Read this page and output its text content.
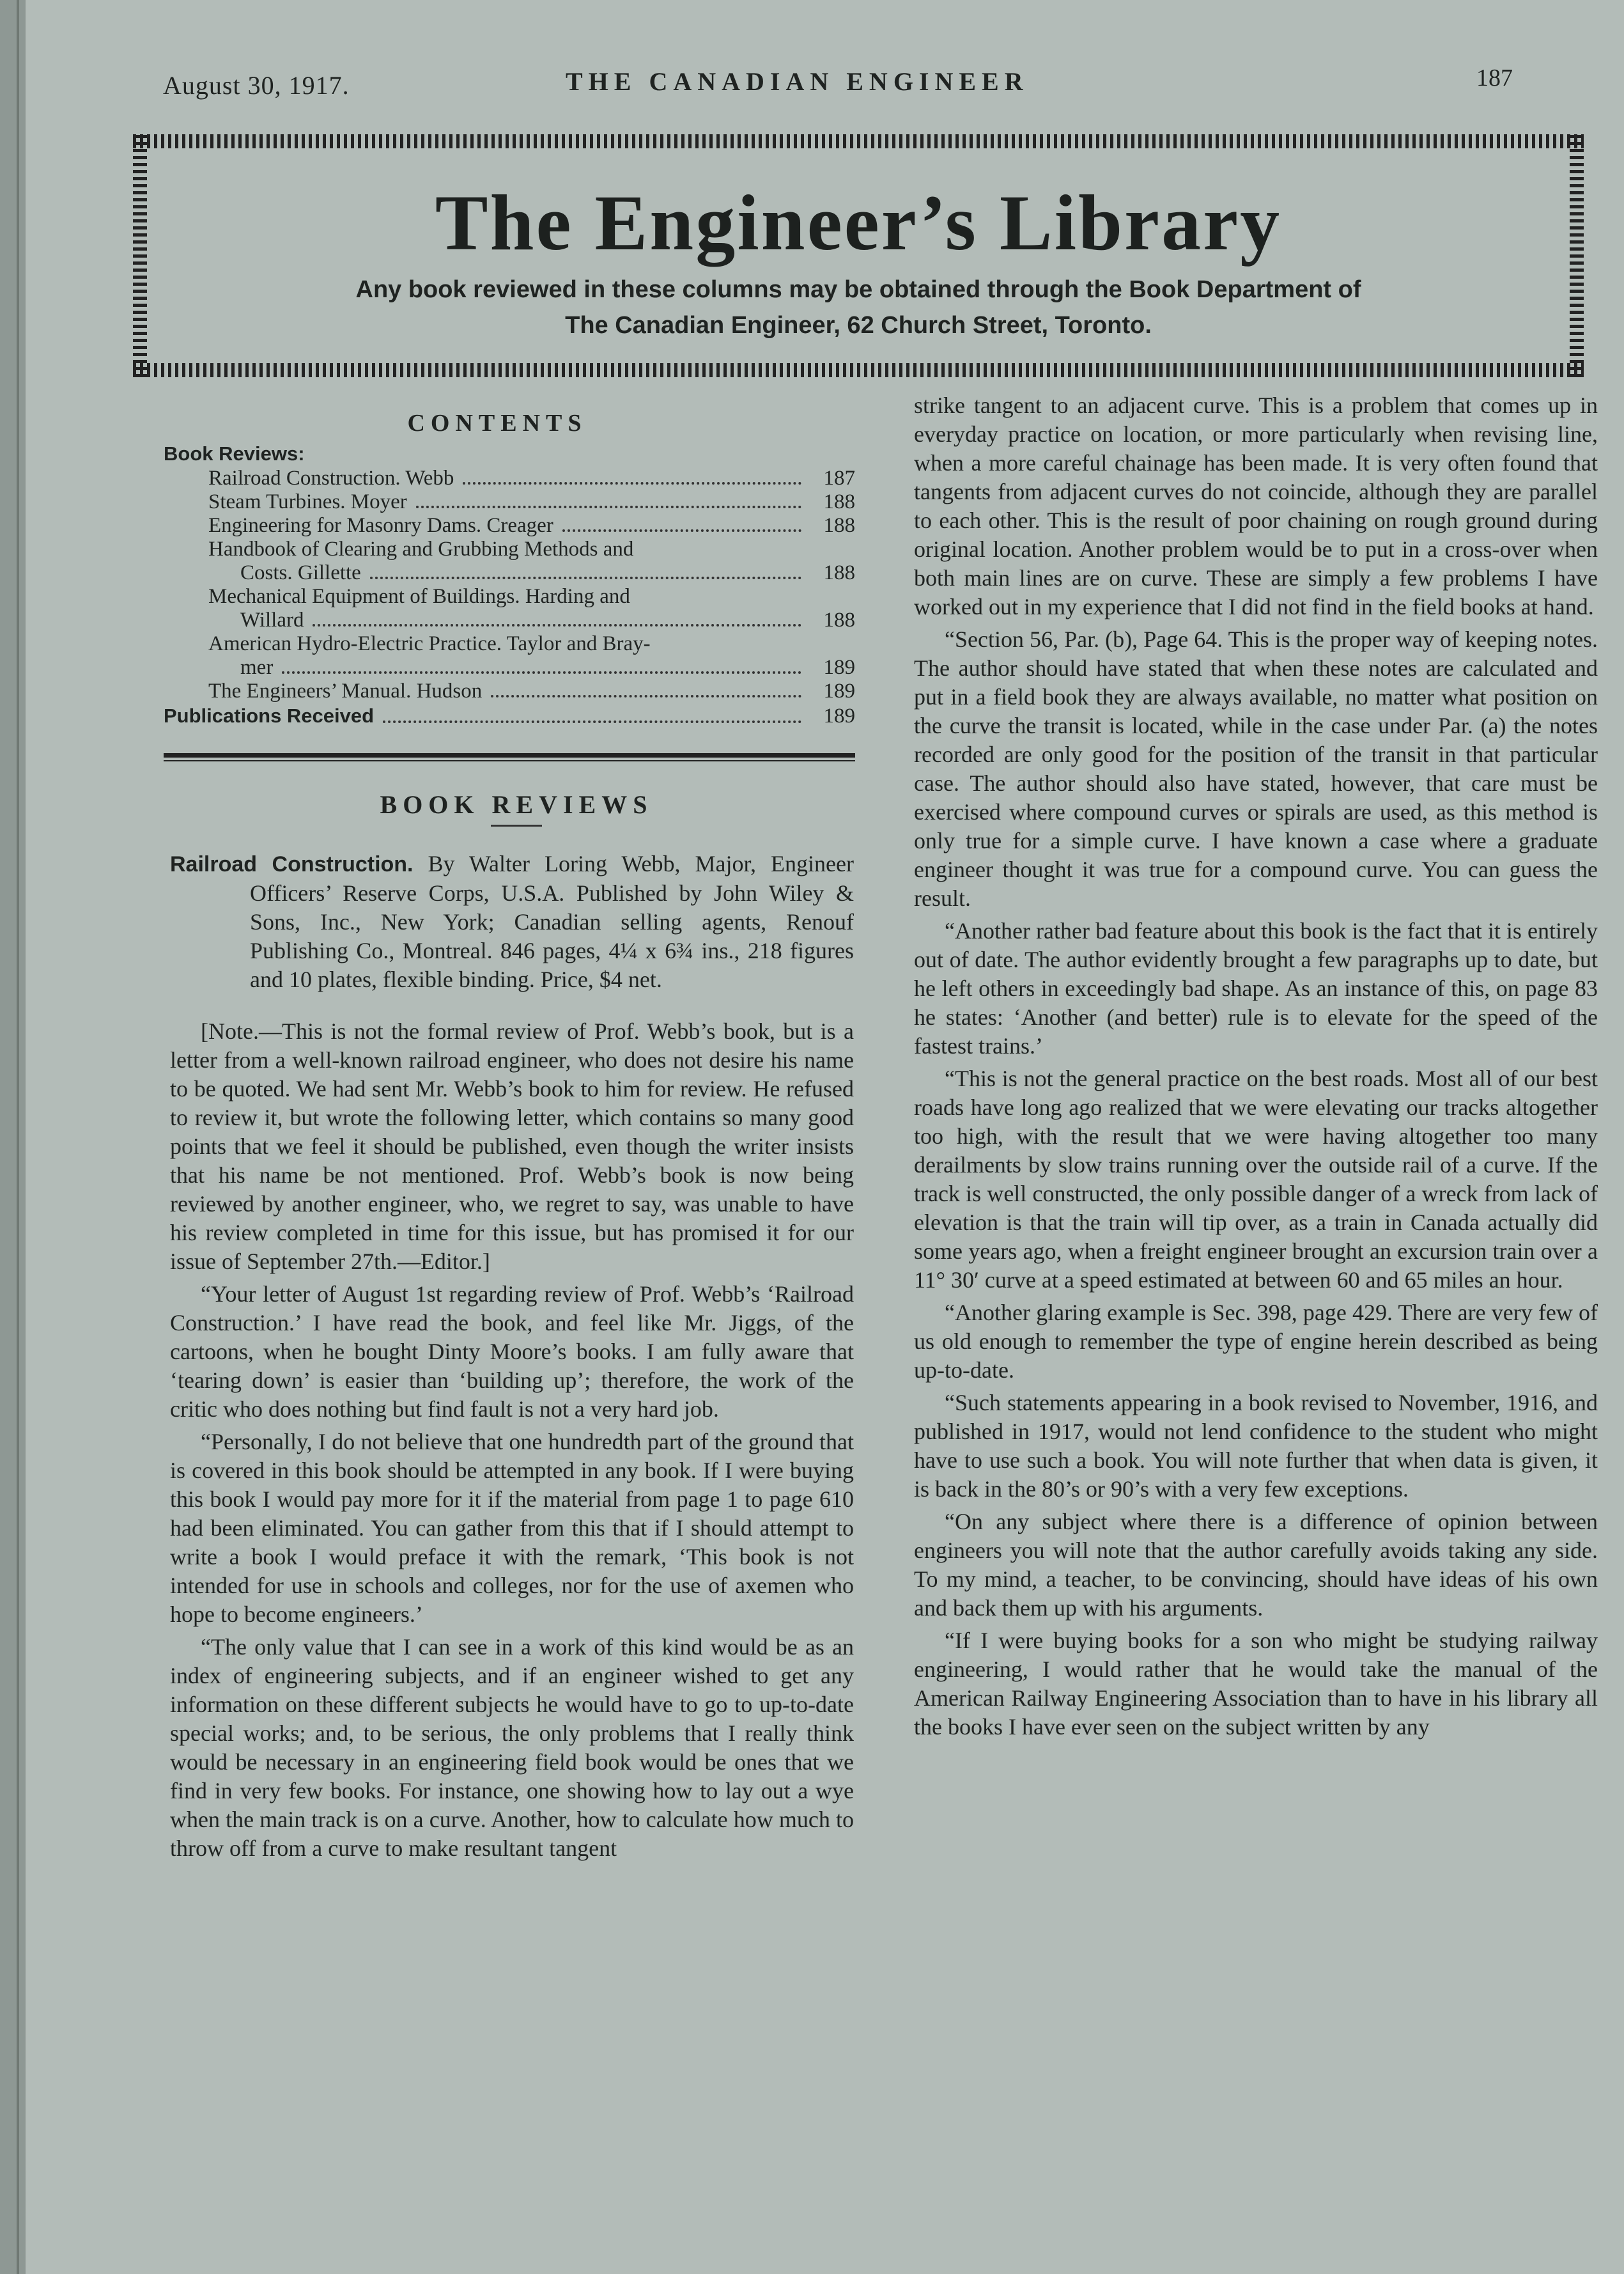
August 30, 1917.	THE CANADIAN ENGINEER	187
The Engineer’s Library
Any book reviewed in these columns may be obtained through the Book Department of
The Canadian Engineer, 62 Church Street, Toronto.
CONTENTS
Book Reviews:
Railroad Construction. Webb	187
Steam Turbines. Moyer	188
Engineering for Masonry Dams. Creager	188
Handbook of Clearing and Grubbing Methods and
Costs. Gillette	188
Mechanical Equipment of Buildings. Harding and
Willard	188
American Hydro-Electric Practice. Taylor and Bray-
mer	189
The Engineers’ Manual. Hudson	189
Publications Received	189
BOOK REVIEWS

Railroad Construction. By Walter Loring Webb, Major, Engineer Officers’ Reserve Corps, U.S.A. Published by John Wiley & Sons, Inc., New York; Canadian selling agents, Renouf Publishing Co., Montreal. 846 pages, 4¼ x 6¾ ins., 218 figures and 10 plates, flexible binding. Price, $4 net.

[Note.—This is not the formal review of Prof. Webb’s book, but is a letter from a well-known railroad engineer, who does not desire his name to be quoted. We had sent Mr. Webb’s book to him for review. He refused to review it, but wrote the following letter, which contains so many good points that we feel it should be published, even though the writer insists that his name be not mentioned. Prof. Webb’s book is now being reviewed by another engineer, who, we regret to say, was unable to have his review completed in time for this issue, but has promised it for our issue of September 27th.—Editor.]

“Your letter of August 1st regarding review of Prof. Webb’s ‘Railroad Construction.’ I have read the book, and feel like Mr. Jiggs, of the cartoons, when he bought Dinty Moore’s books. I am fully aware that ‘tearing down’ is easier than ‘building up’; therefore, the work of the critic who does nothing but find fault is not a very hard job.

“Personally, I do not believe that one hundredth part of the ground that is covered in this book should be attempted in any book. If I were buying this book I would pay more for it if the material from page 1 to page 610 had been eliminated. You can gather from this that if I should attempt to write a book I would preface it with the remark, ‘This book is not intended for use in schools and colleges, nor for the use of axemen who hope to become engineers.’

“The only value that I can see in a work of this kind would be as an index of engineering subjects, and if an engineer wished to get any information on these different subjects he would have to go to up-to-date special works; and, to be serious, the only problems that I really think would be necessary in an engineering field book would be ones that we find in very few books. For instance, one showing how to lay out a wye when the main track is on a curve. Another, how to calculate how much to throw off from a curve to make resultant tangent

strike tangent to an adjacent curve. This is a problem that comes up in everyday practice on location, or more particularly when revising line, when a more careful chainage has been made. It is very often found that tangents from adjacent curves do not coincide, although they are parallel to each other. This is the result of poor chaining on rough ground during original location. Another problem would be to put in a cross-over when both main lines are on curve. These are simply a few problems I have worked out in my experience that I did not find in the field books at hand.

“Section 56, Par. (b), Page 64. This is the proper way of keeping notes. The author should have stated that when these notes are calculated and put in a field book they are always available, no matter what position on the curve the transit is located, while in the case under Par. (a) the notes recorded are only good for the position of the transit in that particular case. The author should also have stated, however, that care must be exercised where compound curves or spirals are used, as this method is only true for a simple curve. I have known a case where a graduate engineer thought it was true for a compound curve. You can guess the result.

“Another rather bad feature about this book is the fact that it is entirely out of date. The author evidently brought a few paragraphs up to date, but he left others in exceedingly bad shape. As an instance of this, on page 83 he states: ‘Another (and better) rule is to elevate for the speed of the fastest trains.’

“This is not the general practice on the best roads. Most all of our best roads have long ago realized that we were elevating our tracks altogether too high, with the result that we were having altogether too many derailments by slow trains running over the outside rail of a curve. If the track is well constructed, the only possible danger of a wreck from lack of elevation is that the train will tip over, as a train in Canada actually did some years ago, when a freight engineer brought an excursion train over a 11° 30′ curve at a speed estimated at between 60 and 65 miles an hour.

“Another glaring example is Sec. 398, page 429. There are very few of us old enough to remember the type of engine herein described as being up-to-date.

“Such statements appearing in a book revised to November, 1916, and published in 1917, would not lend confidence to the student who might have to use such a book. You will note further that when data is given, it is back in the 80’s or 90’s with a very few exceptions.

“On any subject where there is a difference of opinion between engineers you will note that the author carefully avoids taking any side. To my mind, a teacher, to be convincing, should have ideas of his own and back them up with his arguments.

“If I were buying books for a son who might be studying railway engineering, I would rather that he would take the manual of the American Railway Engineering Association than to have in his library all the books I have ever seen on the subject written by any
